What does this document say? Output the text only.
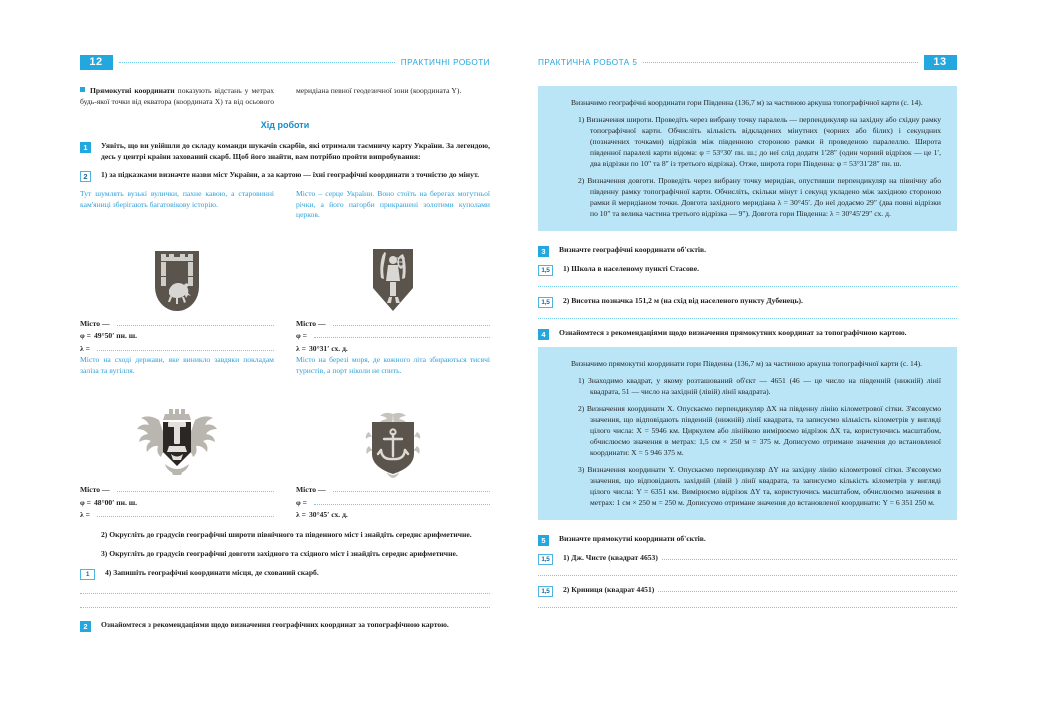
12	ПРАКТИЧНІ РОБОТИ
Прямокутні координати показують відстань у метрах будь-якої точки від екватора (координата X) та від осьового меридіана певної геодезичної зони (координата Y).
Хід роботи
1	Уявіть, що ви увійшли до складу команди шукачів скарбів, які отримали таємничу карту України. За легендою, десь у центрі країни захований скарб. Щоб його знайти, вам потрібно пройти випробування:
2	1) за підказками визначте назви міст України, а за картою — їхні географічні координати з точністю до мінут.
Тут шумлять вузькі вулички, пахне кавою, а старовинні кам'яниці зберігають багатовікову історію.
Місто —
φ = 49°50′ пн. ш.
λ =
Місто – серце України. Воно стоїть на берегах могутньої річки, а його пагорби прикрашені золотими куполами церков.
Місто —
φ =
λ = 30°31′ сх. д.
Місто на сході держави, яке виникло завдяки покладам заліза та вугілля.
Місто —
φ = 48°00′ пн. ш.
λ =
Місто на березі моря, де кожного літа збираються тисячі туристів, а порт ніколи не спить.
Місто —
φ =
λ = 30°45′ сх. д.
2) Округліть до градусів географічні широти північного та південного міст і знайдіть середнє арифметичне.
3) Округліть до градусів географічні довготи західного та східного міст і знайдіть середнє арифметичне.
1	4) Запишіть географічні координати місця, де схований скарб.
2	Ознайомтеся з рекомендаціями щодо визначення географічних координат за топографічною картою.
ПРАКТИЧНА РОБОТА 5	13

Визначимо географічні координати гори Південна (136,7 м) за частиною аркуша топографічної карти (с. 14).

1) Визначення широти. Проведіть через вибрану точку паралель — перпендикуляр на західну або східну рамку топографічної карти. Обчисліть кількість відкладених мінутних (чорних або білих) і секундних (позначених точками) відрізків між південною стороною рамки й проведеною паралеллю. Широта південної паралелі карти відома: φ = 53°30′ пн. ш.; до неї слід додати 1′28″ (один чорний відрізок — це 1′, два відрізки по 10″ та 8″ із третього відрізка). Отже, широта гори Південна: φ = 53°31′28″ пн. ш.

2) Визначення довготи. Проведіть через вибрану точку меридіан, опустивши перпендикуляр на північну або південну рамку топографічної карти. Обчисліть, скільки мінут і секунд укладено між західною стороною рамки й меридіаном точки. Довгота західного меридіана λ = 30°45′. До неї додаємо 29″ (два повні відрізки по 10″ та велика частина третього відрізка — 9″). Довгота гори Південна: λ = 30°45′29″ сх. д.

3	Визначте географічні координати об'єктів.
1,5	1) Школа в населеному пункті Стасове.
1,5	2) Висотна позначка 151,2 м (на схід від населеного пункту Дубенець).
4	Ознайомтеся з рекомендаціями щодо визначення прямокутних координат за топографічною картою.

Визначимо прямокутні координати гори Південна (136,7 м) за частиною аркуша топографічної карти (с. 14).

1) Знаходимо квадрат, у якому розташований об'єкт — 4651 (46 — це число на південній (нижній) лінії квадрата, 51 — число на західній (лівій) лінії квадрата).

2) Визначення координати X. Опускаємо перпендикуляр ΔX на південну лінію кілометрової сітки. З'ясовуємо значення, що відповідають південній (нижній) лінії квадрата, та записуємо кількість кілометрів у вигляді цілого числа: X = 5946 км. Циркулем або лінійкою вимірюємо відрізок ΔX та, користуючись масштабом, обчислюємо значення в метрах: 1,5 см × 250 м = 375 м. Дописуємо отримане значення до встановленої координати: X = 5 946 375 м.

3) Визначення координати Y. Опускаємо перпендикуляр ΔY на західну лінію кілометрової сітки. З'ясовуємо значення, що відповідають західній (лівій ) лінії квадрата, та записуємо кількість кілометрів у вигляді цілого числа: Y = 6351 км. Вимірюємо відрізок ΔY та, користуючись масштабом, обчислюємо значення в метрах: 1 см × 250 м = 250 м. Дописуємо отримане значення до встановленої координати: Y = 6 351 250 м.

5	Визначте прямокутні координати об'єктів.
1,5	1) Дж. Чисте (квадрат 4653)
1,5	2) Криниця (квадрат 4451)
